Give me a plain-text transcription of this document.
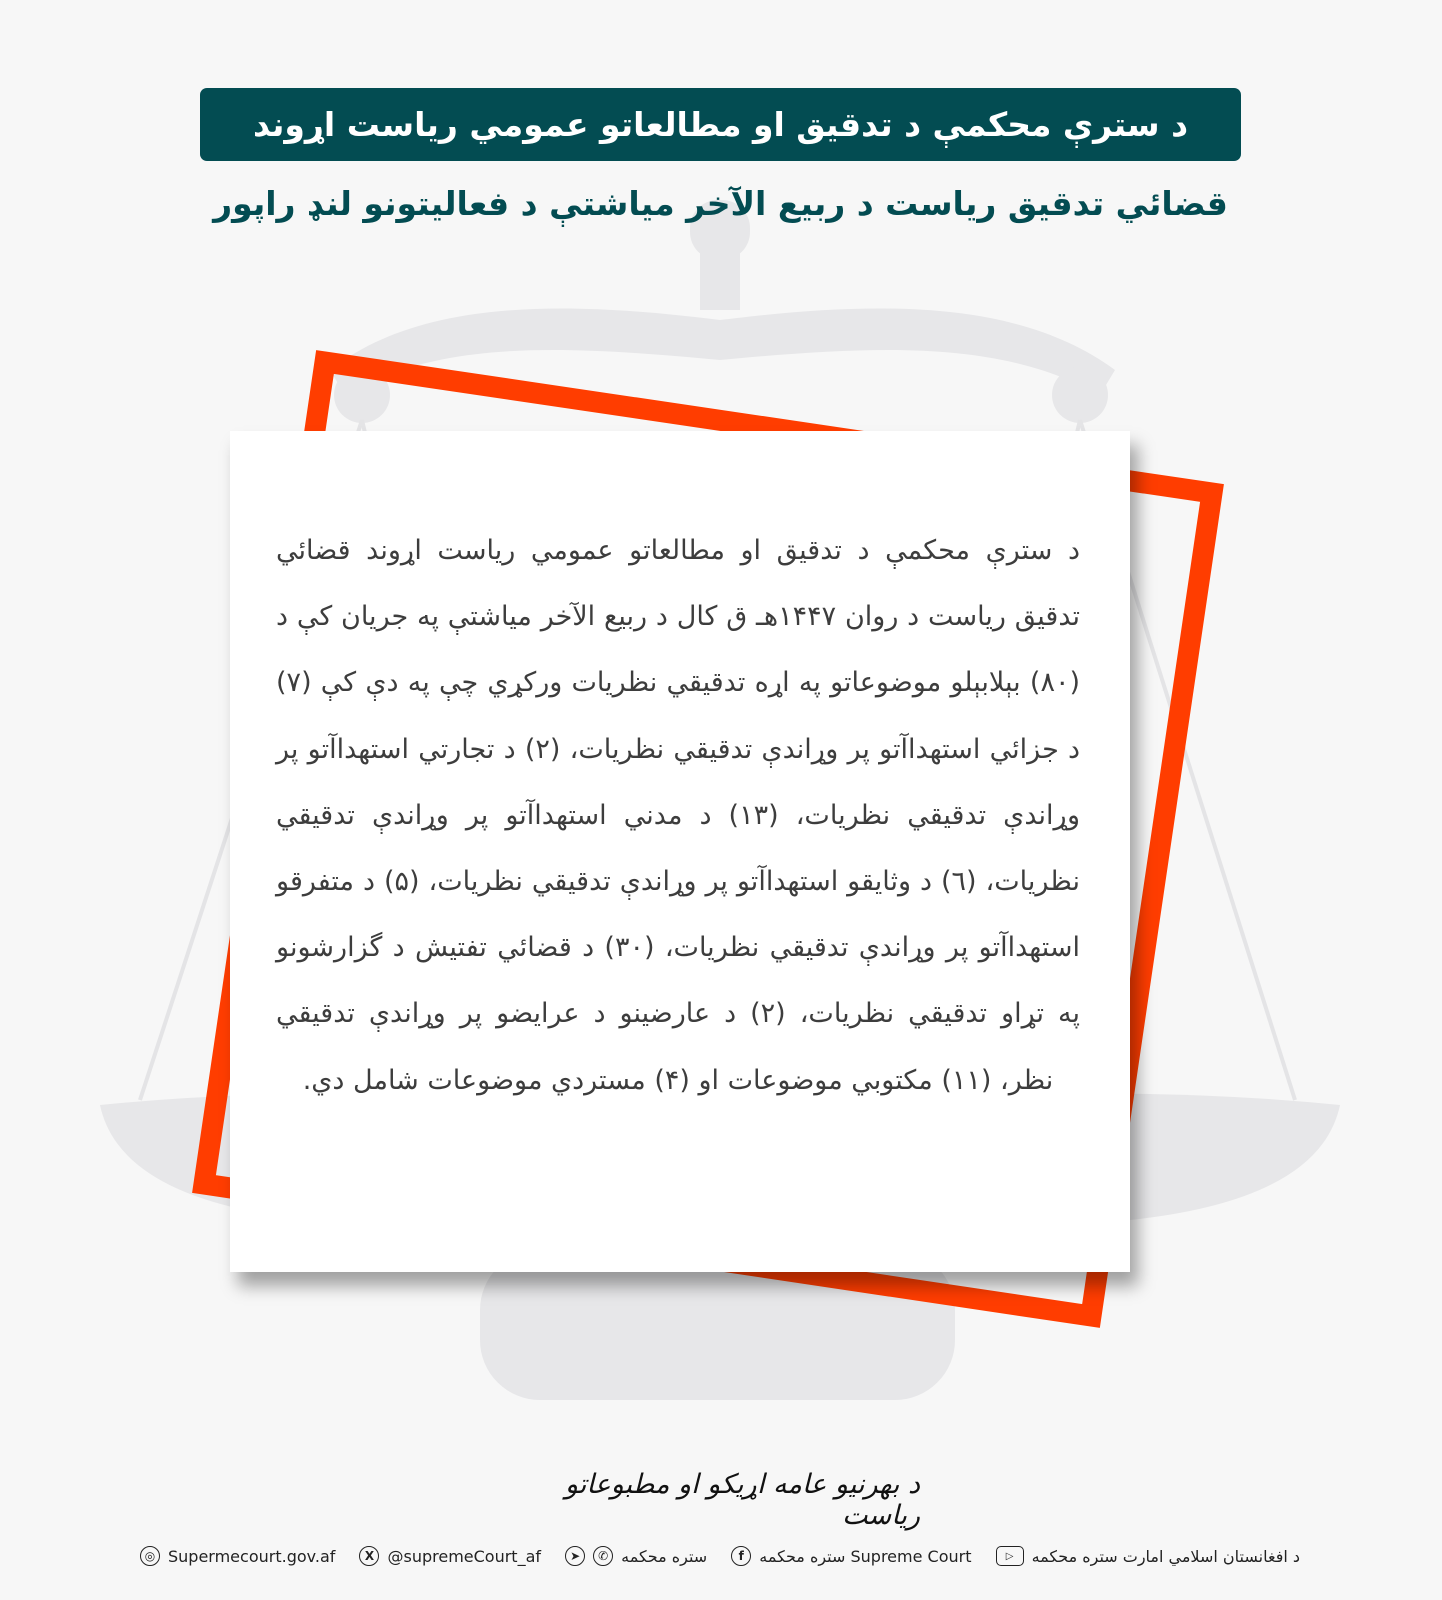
د سترې محکمې د تدقیق او مطالعاتو عمومي ریاست اړوند
قضائي تدقیق ریاست د ربیع الآخر میاشتې د فعالیتونو لنډ راپور

د سترې محکمې د تدقیق او مطالعاتو عمومي ریاست اړوند قضائي تدقیق ریاست د روان ۱۴۴۷هـ ق کال د ربیع الآخر میاشتې په جریان کې د (۸۰) بېلابېلو موضوعاتو په اړه تدقیقي نظریات ورکړي چې په دې کې (۷) د جزائي استهداآتو پر وړاندې تدقیقي نظریات، (۲) د تجارتي استهداآتو پر وړاندې تدقیقي نظریات، (۱۳) د مدني استهداآتو پر وړاندې تدقیقي نظریات، (٦) د وثایقو استهداآتو پر وړاندې تدقیقي نظریات، (۵) د متفرقو استهداآتو پر وړاندې تدقیقي نظریات، (۳۰) د قضائي تفتیش د گزارشونو په تړاو تدقیقي نظریات، (۲) د عارضینو د عرایضو پر وړاندې تدقیقي نظر، (۱۱) مکتوبي موضوعات او (۴) مستردي موضوعات شامل دي.

د بهرنیو عامه اړیکو او مطبوعاتو ریاست
◎ Supermecourt.gov.af	X @supremeCourt_af	➤	✆ ستره محکمه	f Supreme Court ستره محکمه	▷	د افغانستان اسلامي امارت ستره محکمه
